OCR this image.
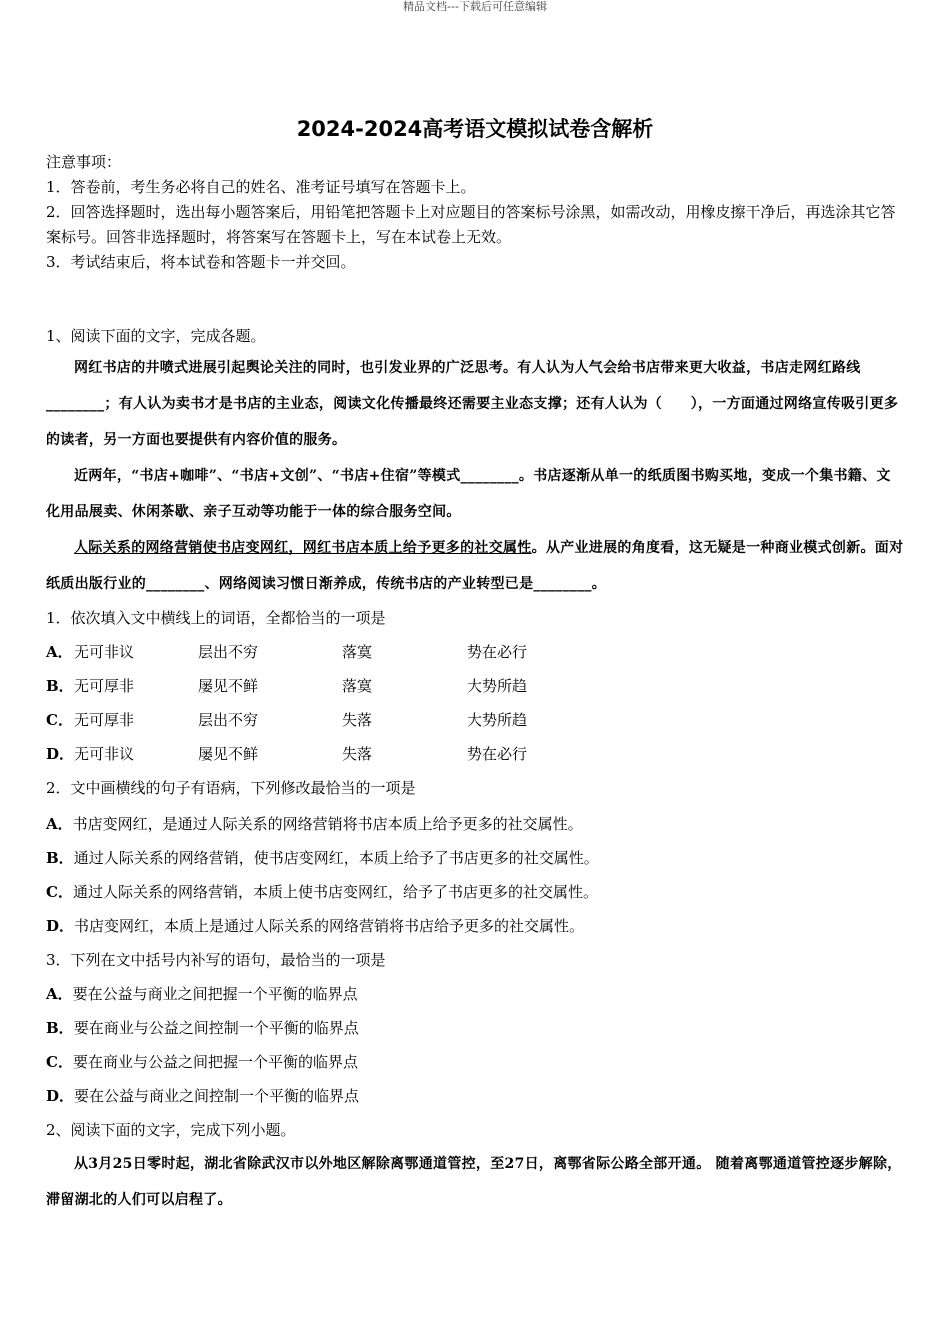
精品文档---下载后可任意编辑
2024-2024高考语文模拟试卷含解析
注意事项：
1．答卷前，考生务必将自己的姓名、准考证号填写在答题卡上。
2．回答选择题时，选出每小题答案后，用铅笔把答题卡上对应题目的答案标号涂黑，如需改动，用橡皮擦干净后，再选涂其它答案标号。回答非选择题时，将答案写在答题卡上，写在本试卷上无效。
3．考试结束后，将本试卷和答题卡一并交回。
1、阅读下面的文字，完成各题。
网红书店的井喷式进展引起舆论关注的同时，也引发业界的广泛思考。有人认为人气会给书店带来更大收益，书店走网红路线________；有人认为卖书才是书店的主业态，阅读文化传播最终还需要主业态支撑；还有人认为（　　），一方面通过网络宣传吸引更多的读者，另一方面也要提供有内容价值的服务。
近两年，“书店+咖啡”、“书店+文创”、“书店+住宿”等模式________。书店逐渐从单一的纸质图书购买地，变成一个集书籍、文化用品展卖、休闲茶歇、亲子互动等功能于一体的综合服务空间。
人际关系的网络营销使书店变网红，网红书店本质上给予更多的社交属性。从产业进展的角度看，这无疑是一种商业模式创新。面对纸质出版行业的________、网络阅读习惯日渐养成，传统书店的产业转型已是________。
1．依次填入文中横线上的词语，全都恰当的一项是
A． 无可非议	层出不穷	落寞	势在必行
B． 无可厚非	屡见不鲜	落寞	大势所趋
C． 无可厚非	层出不穷	失落	大势所趋
D． 无可非议	屡见不鲜	失落	势在必行
2．文中画横线的句子有语病，下列修改最恰当的一项是
A．书店变网红，是通过人际关系的网络营销将书店本质上给予更多的社交属性。
B．通过人际关系的网络营销，使书店变网红，本质上给予了书店更多的社交属性。
C．通过人际关系的网络营销，本质上使书店变网红，给予了书店更多的社交属性。
D．书店变网红，本质上是通过人际关系的网络营销将书店给予更多的社交属性。
3．下列在文中括号内补写的语句，最恰当的一项是
A．要在公益与商业之间把握一个平衡的临界点
B．要在商业与公益之间控制一个平衡的临界点
C．要在商业与公益之间把握一个平衡的临界点
D．要在公益与商业之间控制一个平衡的临界点
2、阅读下面的文字，完成下列小题。
从3月25日零时起，湖北省除武汉市以外地区解除离鄂通道管控，至27日，离鄂省际公路全部开通。 随着离鄂通道管控逐步解除，滞留湖北的人们可以启程了。
